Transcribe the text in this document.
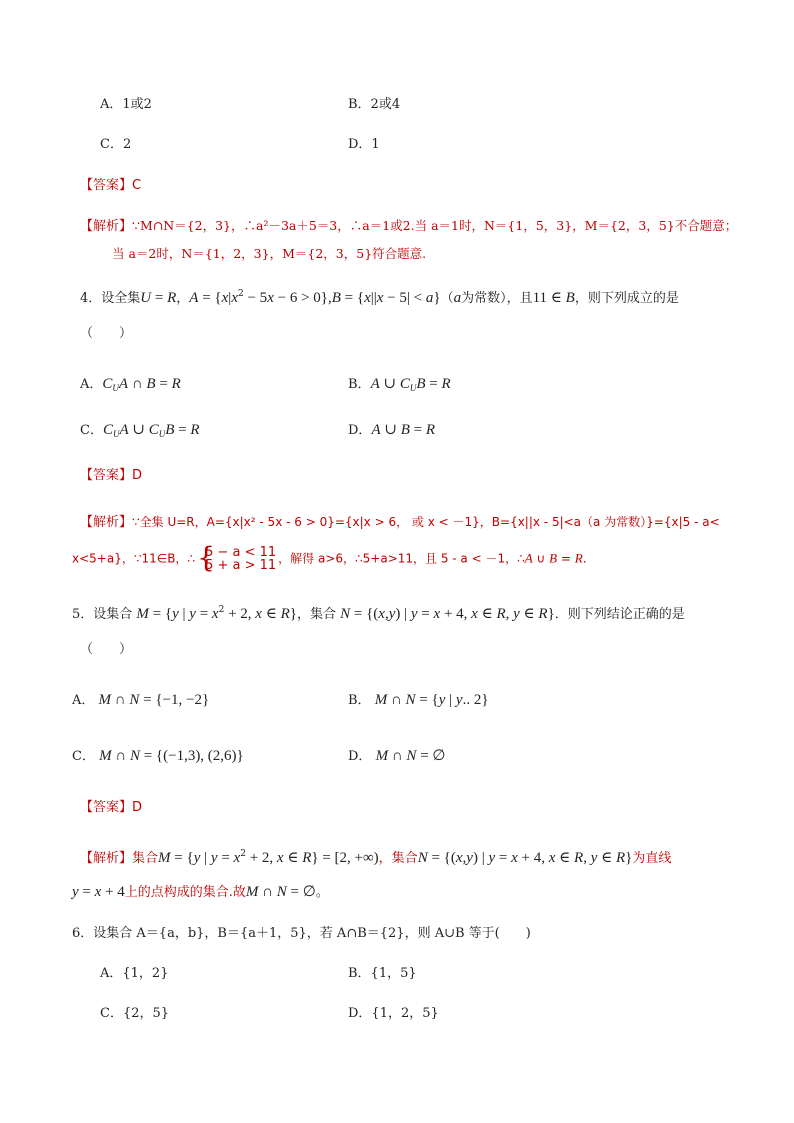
A．1或2	B．2或4
C．2	D．1
【答案】C
【解析】∵M∩N＝{2，3}，∴a²－3a＋5＝3，∴a＝1或2.当 a＝1时，N＝{1，5，3}，M＝{2，3，5}不合题意；
当 a＝2时，N＝{1，2，3}，M＝{2，3，5}符合题意.
4．设全集U = R，$A = \{x|x^2 - 5x - 6 > 0\},B = \{x||x - 5| < a\}(a$为常数），且11 ∈ B，则下列成立的是
（　　）
A．$C_UA$ ∩ B = R	B．A ∪ $C_UB = R$
C．$C_UA$ ∪ $C_UB = R$	D．A ∪ B = R
【答案】D
【解析】∵全集 U=R，A={x|x² - 5x - 6 > 0}={x|x > 6， 或 x < －1}，B={x||x - 5|<a（a 为常数）}={x|5 - a<
x<5+a}，∵11∈B，∴ {
5 − a < 11
5 + a > 11 ，解得 a>6，∴5+a>11，且 5 - a < －1，∴A ∪ B = R.
5．设集合 M = {y | $y = x^2 + 2$, x ∈ R}，集合 N = {(x,y) | y = x + 4, x ∈ R, y ∈ R}．则下列结论正确的是
（　　）
A． M ∩ N = {−1, −2}	B． M ∩ N = {y | y.. 2}
C． M ∩ N = {(−1,3), (2,6)}	D． M ∩ N = ∅
【答案】D
【解析】集合M = {y | $y = x^2 + 2$, x ∈ R} = [2, +∞)，集合N = {(x,y) | y = x + 4, x ∈ R, y ∈ R}为直线
y = x + 4上的点构成的集合.故M ∩ N = ∅。
6．设集合 A＝{a，b}，B＝{a＋1，5}，若 A∩B＝{2}，则 A∪B 等于(　　)
A．{1，2}	B．{1，5}
C．{2，5}	D．{1，2，5}
